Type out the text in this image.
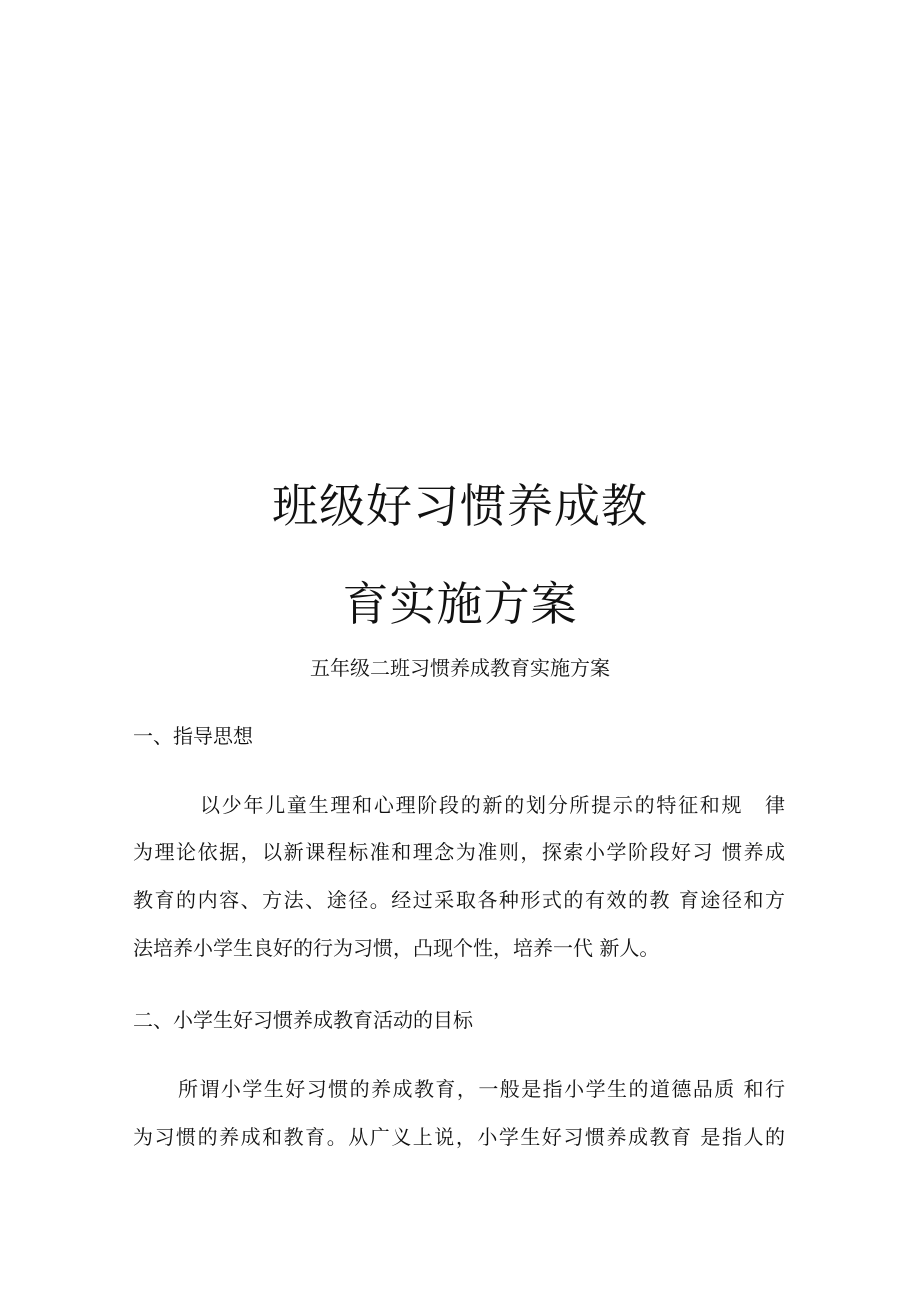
班级好习惯养成教
育实施方案

五年级二班习惯养成教育实施方案

一、指导思想

以少年儿童生理和心理阶段的新的划分所提示的特征和规　律

为理论依据，以新课程标准和理念为准则，探索小学阶段好习 惯养成

教育的内容、方法、途径。经过采取各种形式的有效的教 育途径和方

法培养小学生良好的行为习惯，凸现个性，培养一代 新人。

二、小学生好习惯养成教育活动的目标

所谓小学生好习惯的养成教育，一般是指小学生的道德品质 和行

为习惯的养成和教育。从广义上说，小学生好习惯养成教育 是指人的
